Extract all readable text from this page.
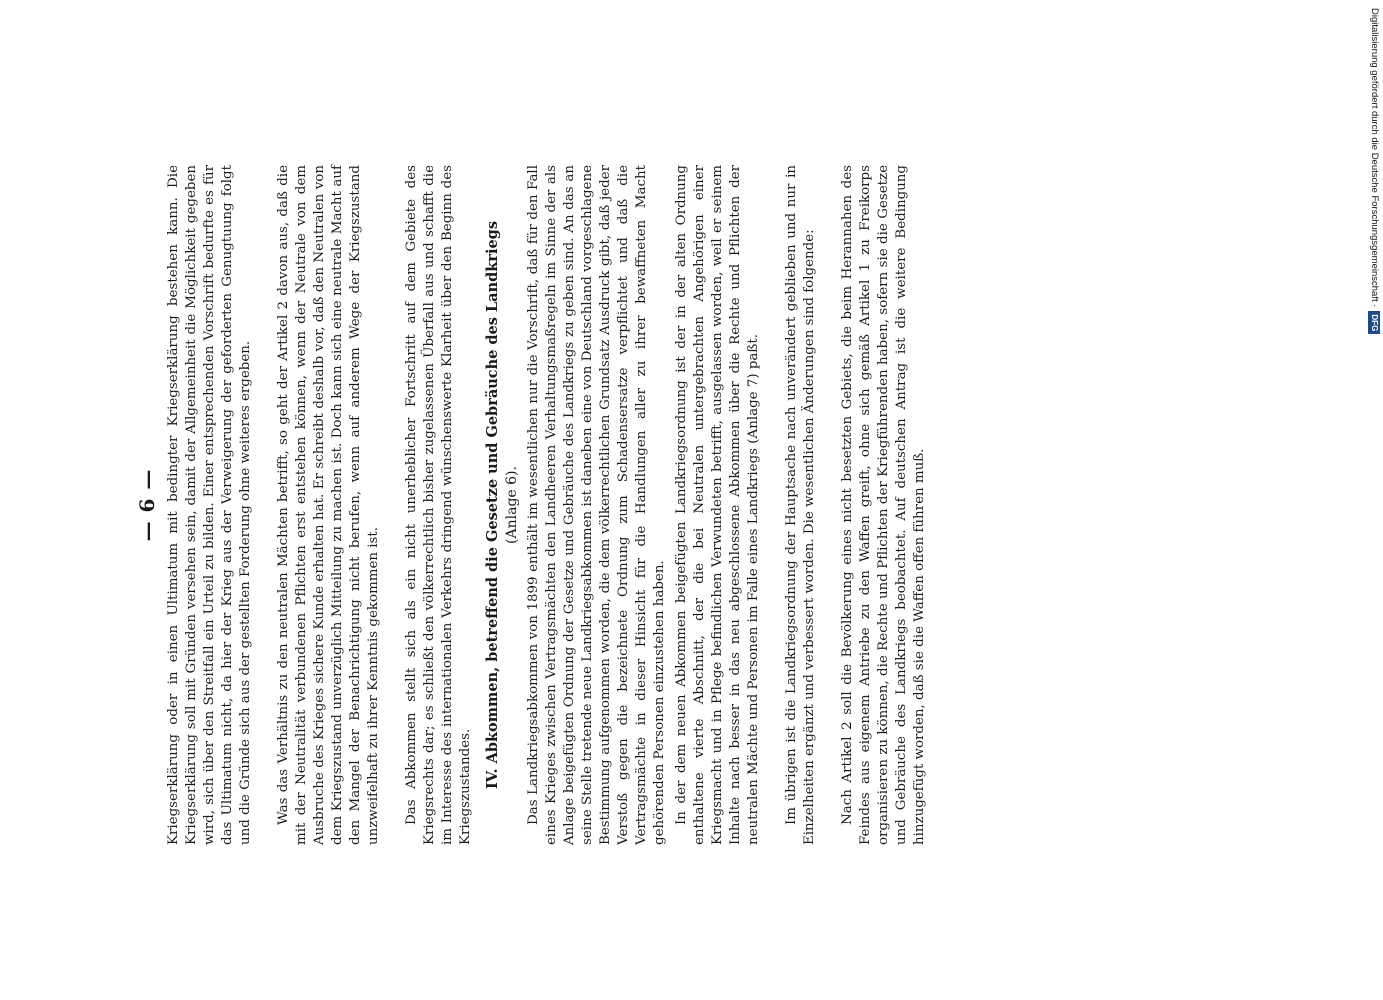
— 6 — Kriegserklärung oder in einen Ultimatum mit bedingter Kriegserklärung bestehen kann. Die Kriegserklärung soll mit Gründen versehen sein, damit der Allgemeinheit die Möglichkeit gegeben wird, sich über den Streitfall ein Urteil zu bilden. Einer entsprechenden Vorschrift bedurfte es für das Ultimatum nicht, da hier der Krieg aus der Verweigerung der geforderten Genugtuung folgt und die Gründe sich aus der gestellten Forderung ohne weiteres ergeben. Was das Verhältnis zu den neutralen Mächten betrifft, so geht der Artikel 2 davon aus, daß die mit der Neutralität verbundenen Pflichten erst entstehen können, wenn der Neutrale von dem Ausbruche des Krieges sichere Kunde erhalten hat. Er schreibt deshalb vor, daß den Neutralen von dem Kriegszustand unverzüglich Mitteilung zu machen ist. Doch kann sich eine neutrale Macht auf den Mangel der Benachrichtigung nicht berufen, wenn auf anderem Wege der Kriegszustand unzweifelhaft zu ihrer Kenntnis gekommen ist. Das Abkommen stellt sich als ein nicht unerheblicher Fortschritt auf dem Gebiete des Kriegsrechts dar; es schließt den völkerrechtlich bisher zugelassenen Überfall aus und schafft die im Interesse des internationalen Verkehrs dringend wünschenswerte Klarheit über den Beginn des Kriegszustandes. IV. Abkommen, betreffend die Gesetze und Gebräuche des Landkriegs (Anlage 6). Das Landkriegsabkommen von 1899 enthält im wesentlichen nur die Vorschrift, daß für den Fall eines Krieges zwischen Vertragsmächten den Landheeren Verhaltungsmaßregeln im Sinne der als Anlage beigefügten Ordnung der Gesetze und Gebräuche des Landkriegs zu geben sind. An das an seine Stelle tretende neue Landkriegsabkommen ist daneben eine von Deutschland vorgeschlagene Bestimmung aufgenommen worden, die dem völkerrechtlichen Grundsatz Ausdruck gibt, daß jeder Verstoß gegen die bezeichnete Ordnung zum Schadensersatze verpflichtet und daß die Vertragsmächte in dieser Hinsicht für die Handlungen aller zu ihrer bewaffneten Macht gehörenden Personen einzustehen haben. In der dem neuen Abkommen beigefügten Landkriegsordnung ist der in der alten Ordnung enthaltene vierte Abschnitt, der die bei Neutralen untergebrachten Angehörigen einer Kriegsmacht und in Pflege befindlichen Verwundeten betrifft, ausgelassen worden, weil er seinem Inhalte nach besser in das neu abgeschlossene Abkommen über die Rechte und Pflichten der neutralen Mächte und Personen im Falle eines Landkriegs (Anlage 7) paßt. Im übrigen ist die Landkriegsordnung der Hauptsache nach unverändert geblieben und nur in Einzelheiten ergänzt und verbessert worden. Die wesentlichen Änderungen sind folgende: Nach Artikel 2 soll die Bevölkerung eines nicht besetzten Gebiets, die beim Herannahen des Feindes aus eigenem Antriebe zu den Waffen greift, ohne sich gemäß Artikel 1 zu Freikorps organisieren zu können, die Rechte und Pflichten der Kriegführenden haben, sofern sie die Gesetze und Gebräuche des Landkriegs beobachtet. Auf deutschen Antrag ist die weitere Bedingung hinzugefügt worden, daß sie die Waffen offen führen muß.

Digitalisierung gefördert durch die Deutsche Forschungsgemeinschaft ·
DFG
